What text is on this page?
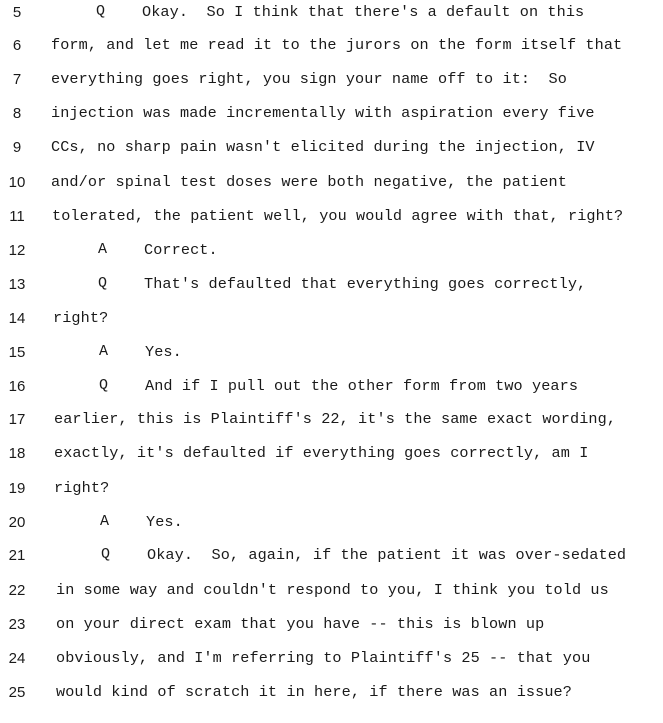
5	Q Okay.  So I think that there's a default on this
6	form, and let me read it to the jurors on the form itself that
7	everything goes right, you sign your name off to it:  So
8	injection was made incrementally with aspiration every five
9	CCs, no sharp pain wasn't elicited during the injection, IV
10	and/or spinal test doses were both negative, the patient
11	tolerated, the patient well, you would agree with that, right?
12	A Correct.
13	Q That's defaulted that everything goes correctly,
14	right?
15	A Yes.
16	Q And if I pull out the other form from two years
17	earlier, this is Plaintiff's 22, it's the same exact wording,
18	exactly, it's defaulted if everything goes correctly, am I
19	right?
20	A Yes.
21	Q Okay.  So, again, if the patient it was over-sedated
22	in some way and couldn't respond to you, I think you told us
23	on your direct exam that you have -- this is blown up
24	obviously, and I'm referring to Plaintiff's 25 -- that you
25	would kind of scratch it in here, if there was an issue?
